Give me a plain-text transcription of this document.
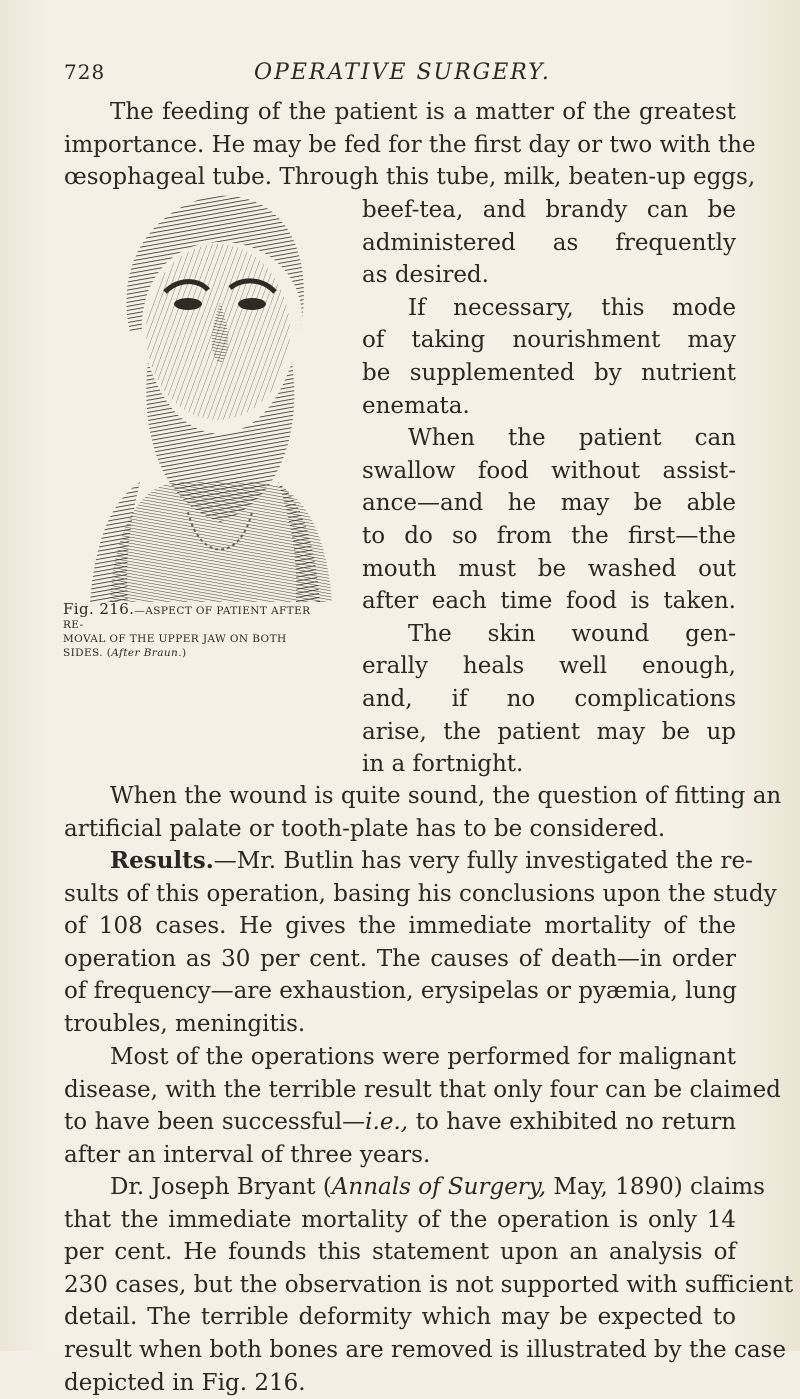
728	OPERATIVE SURGERY.
The feeding of the patient is a matter of the greatest
importance. He may be fed for the first day or two with the
œsophageal tube. Through this tube, milk, beaten-up eggs,
beef-tea, and brandy can be
administered as frequently
as desired.
If necessary, this mode
of taking nourishment may
be supplemented by nutrient
enemata.
When the patient can
swallow food without assist-
ance—and he may be able
to do so from the first—the
mouth must be washed out
after each time food is taken.
The skin wound gen-
erally heals well enough,
and, if no complications
arise, the patient may be up
in a fortnight.
Fig. 216.—ASPECT OF PATIENT AFTER RE-
MOVAL OF THE UPPER JAW ON BOTH
SIDES. (After Braun.)
When the wound is quite sound, the question of fitting an
artificial palate or tooth-plate has to be considered.
Results.—Mr. Butlin has very fully investigated the re-
sults of this operation, basing his conclusions upon the study
of 108 cases. He gives the immediate mortality of the
operation as 30 per cent. The causes of death—in order
of frequency—are exhaustion, erysipelas or pyæmia, lung
troubles, meningitis.
Most of the operations were performed for malignant
disease, with the terrible result that only four can be claimed
to have been successful—i.e., to have exhibited no return
after an interval of three years.
Dr. Joseph Bryant (Annals of Surgery, May, 1890) claims
that the immediate mortality of the operation is only 14
per cent. He founds this statement upon an analysis of
230 cases, but the observation is not supported with sufficient
detail. The terrible deformity which may be expected to
result when both bones are removed is illustrated by the case
depicted in Fig. 216.
